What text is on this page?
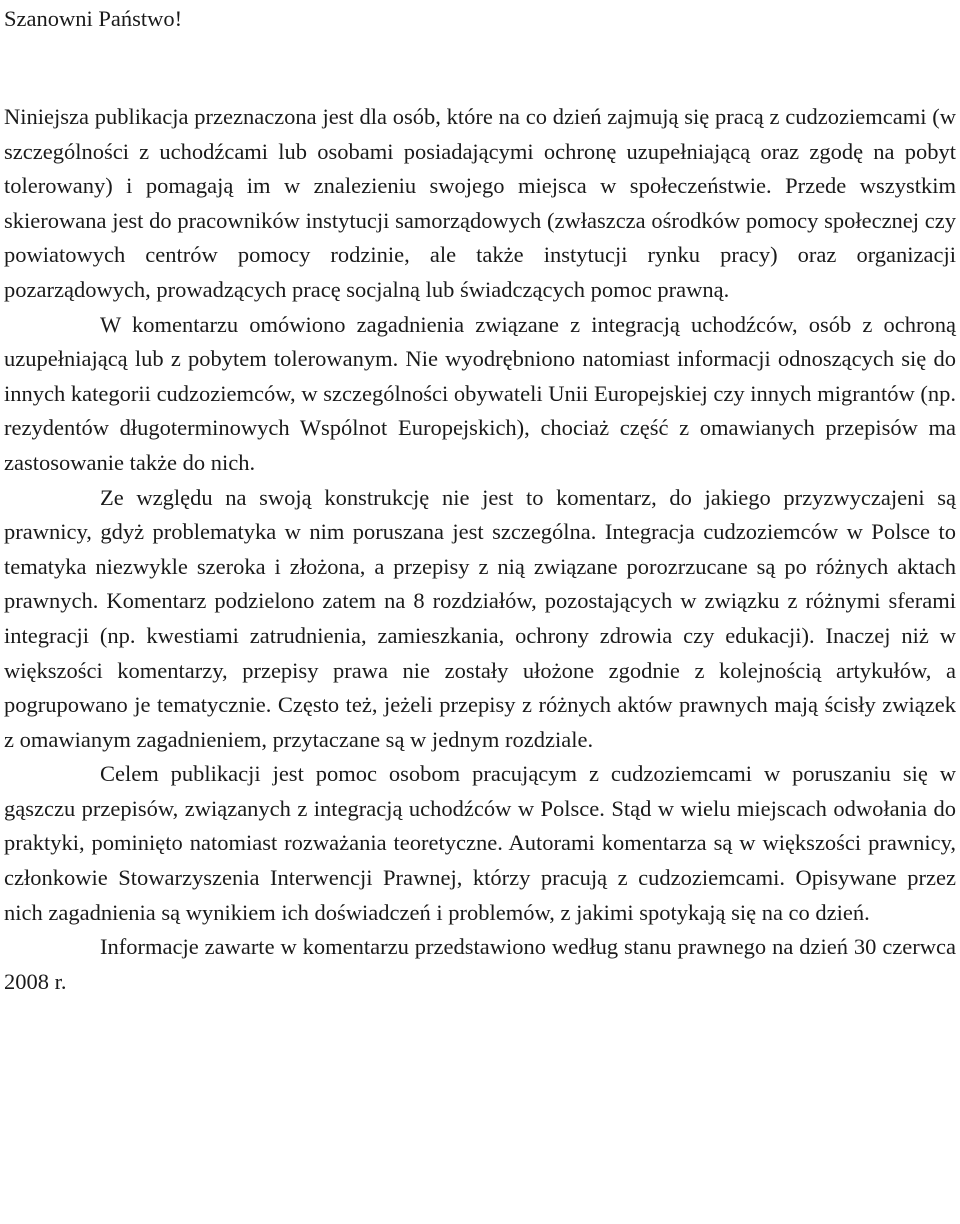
Szanowni Państwo!

Niniejsza publikacja przeznaczona jest dla osób, które na co dzień zajmują się pracą z cudzoziemcami (w szczególności z uchodźcami lub osobami posiadającymi ochronę uzupełniającą oraz zgodę na pobyt tolerowany) i pomagają im w znalezieniu swojego miejsca w społeczeństwie. Przede wszystkim skierowana jest do pracowników instytucji samorządowych (zwłaszcza ośrodków pomocy społecznej czy powiatowych centrów pomocy rodzinie, ale także instytucji rynku pracy) oraz organizacji pozarządowych, prowadzących pracę socjalną lub świadczących pomoc prawną.

W komentarzu omówiono zagadnienia związane z integracją uchodźców, osób z ochroną uzupełniającą lub z pobytem tolerowanym. Nie wyodrębniono natomiast informacji odnoszących się do innych kategorii cudzoziemców, w szczególności obywateli Unii Europejskiej czy innych migrantów (np. rezydentów długoterminowych Wspólnot Europejskich), chociaż część z omawianych przepisów ma zastosowanie także do nich.

Ze względu na swoją konstrukcję nie jest to komentarz, do jakiego przyzwyczajeni są prawnicy, gdyż problematyka w nim poruszana jest szczególna. Integracja cudzoziemców w Polsce to tematyka niezwykle szeroka i złożona, a przepisy z nią związane porozrzucane są po różnych aktach prawnych. Komentarz podzielono zatem na 8 rozdziałów, pozostających w związku z różnymi sferami integracji (np. kwestiami zatrudnienia, zamieszkania, ochrony zdrowia czy edukacji). Inaczej niż w większości komentarzy, przepisy prawa nie zostały ułożone zgodnie z kolejnością artykułów, a pogrupowano je tematycznie. Często też, jeżeli przepisy z różnych aktów prawnych mają ścisły związek z omawianym zagadnieniem, przytaczane są w jednym rozdziale.

Celem publikacji jest pomoc osobom pracującym z cudzoziemcami w poruszaniu się w gąszczu przepisów, związanych z integracją uchodźców w Polsce. Stąd w wielu miejscach odwołania do praktyki, pominięto natomiast rozważania teoretyczne. Autorami komentarza są w większości prawnicy, członkowie Stowarzyszenia Interwencji Prawnej, którzy pracują z cudzoziemcami. Opisywane przez nich zagadnienia są wynikiem ich doświadczeń i problemów, z jakimi spotykają się na co dzień.

Informacje zawarte w komentarzu przedstawiono według stanu prawnego na dzień 30 czerwca 2008 r.
